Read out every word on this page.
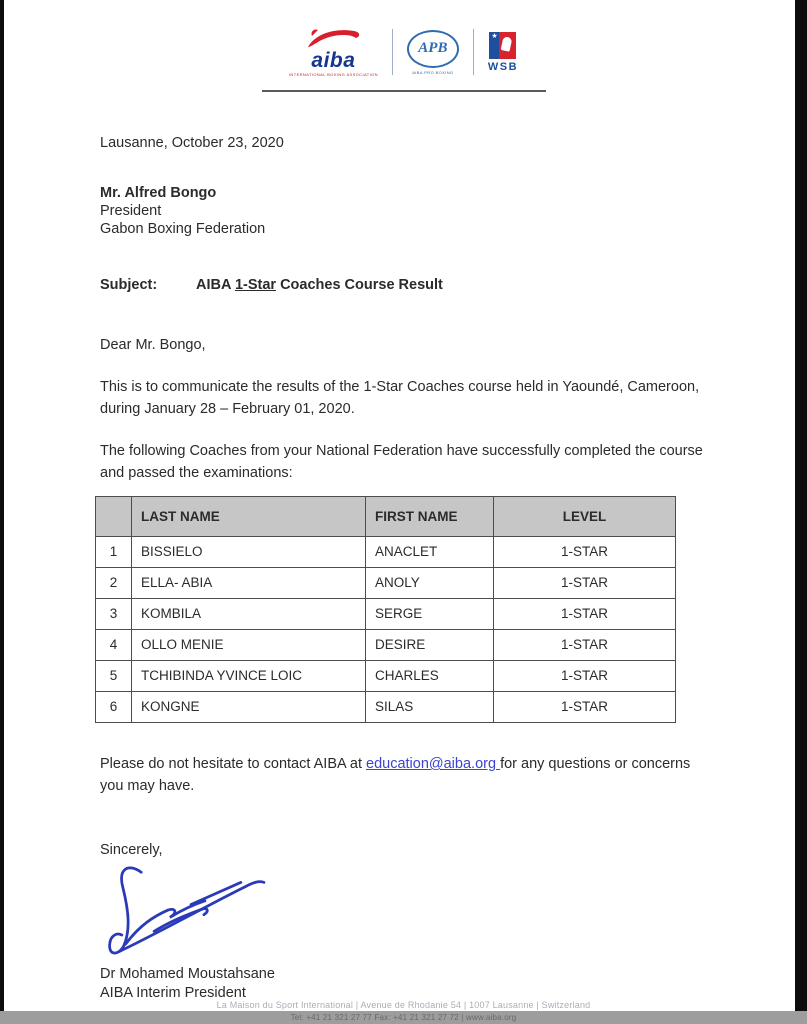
aiba
INTERNATIONAL BOXING ASSOCIATION
APB
AIBA PRO BOXING
★
WSB
Lausanne, October 23, 2020
Mr. Alfred Bongo
President
Gabon Boxing Federation
Subject:	AIBA 1-Star Coaches Course Result
Dear Mr. Bongo,

This is to communicate the results of the 1-Star Coaches course held in Yaoundé, Cameroon, during January 28 – February 01, 2020.

The following Coaches from your National Federation have successfully completed the course and passed the examinations:

	LAST NAME	FIRST NAME	LEVEL
1	BISSIELO	ANACLET	1-STAR
2	ELLA- ABIA	ANOLY	1-STAR
3	KOMBILA	SERGE	1-STAR
4	OLLO MENIE	DESIRE	1-STAR
5	TCHIBINDA YVINCE LOIC	CHARLES	1-STAR
6	KONGNE	SILAS	1-STAR

Please do not hesitate to contact AIBA at education@aiba.org for any questions or concerns you may have.

Sincerely,
Dr Mohamed Moustahsane
AIBA Interim President
La Maison du Sport International | Avenue de Rhodanie 54 | 1007 Lausanne | Switzerland
Tel: +41 21 321 27 77 Fax: +41 21 321 27 72 | www.aiba.org
